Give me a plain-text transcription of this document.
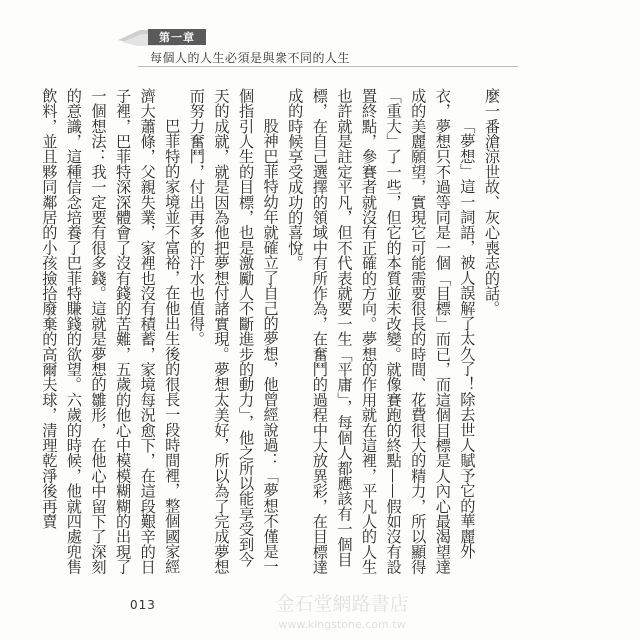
第一章
每個人的人生必須是與衆不同的人生

麼一番滄涼世故、灰心喪志的話。

「夢想」這一詞語，被人誤解了太久了！除去世人賦予它的華麗外衣，夢想只不過等同是一個「目標」而已，而這個目標是人內心最渴望達成的美麗願望，實現它可能需要很長的時間、花費很大的精力，所以顯得「重大」了一些，但它的本質並未改變。就像賽跑的終點——假如沒有設置終點，參賽者就沒有正確的方向。夢想的作用就在這裡，平凡人的人生也許就是註定平凡，但不代表就要一生「平庸」，每個人都應該有一個目標，在自己選擇的領域中有所作為，在奮鬥的過程中大放異彩，在目標達成的時候享受成功的喜悅。

股神巴菲特幼年就確立了自己的夢想，他曾經說過：「夢想不僅是一個指引人生的目標，也是激勵人不斷進步的動力」，他之所以能享受到今天的成就，就是因為他把夢想付諸實現。夢想太美好，所以為了完成夢想而努力奮鬥，付出再多的汗水也值得。

巴菲特的家境並不富裕，在他出生後的很長一段時間裡，整個國家經濟大蕭條，父親失業，家裡也沒有積蓄，家境每況愈下，在這段艱辛的日子裡，巴菲特深深體會了沒有錢的苦難，五歲的他心中模模糊糊的出現了一個想法：我一定要有很多錢。這就是夢想的雛形，在他心中留下了深刻的意識，這種信念培養了巴菲特賺錢的欲望。六歲的時候，他就四處兜售飲料，並且夥同鄰居的小孩撿拾廢棄的高爾夫球，清理乾淨後再賣

013	金石堂網路書店
www.kingstone.com.tw
